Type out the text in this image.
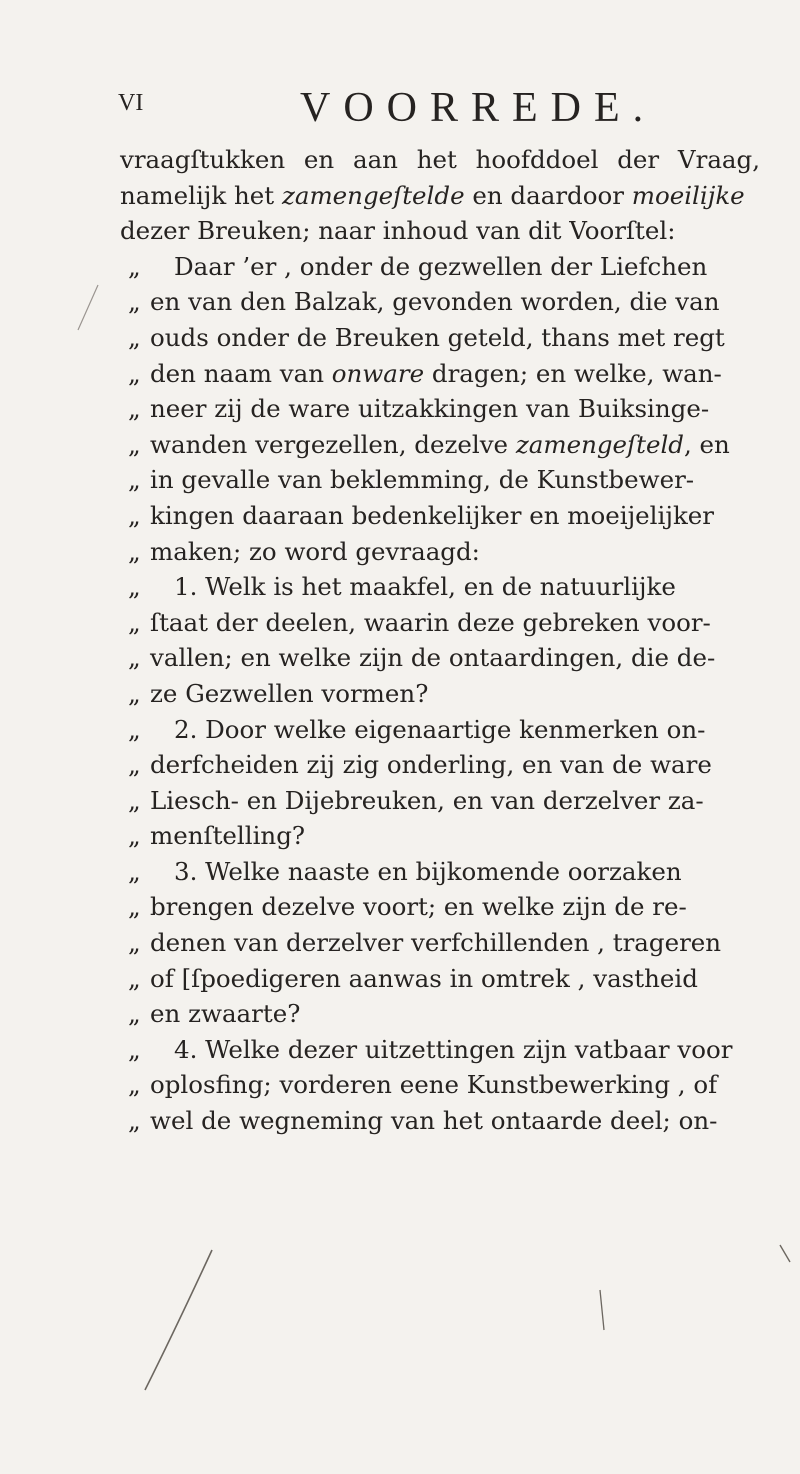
VI	VOORREDE.
vraagſtukken en aan het hoofddoel der Vraag,
namelijk het zamengeſtelde en daardoor moeilijke
dezer Breuken; naar inhoud van dit Voorſtel:
„ Daar ’er , onder de gezwellen der Liefchen
„ en van den Balzak, gevonden worden, die van
„ ouds onder de Breuken geteld, thans met regt
„ den naam van onware dragen; en welke, wan-
„ neer zij de ware uitzakkingen van Buiksinge-
„ wanden vergezellen, dezelve zamengeſteld, en
„ in gevalle van beklemming, de Kunstbewer-
„ kingen daaraan bedenkelijker en moeijelijker
„ maken; zo word gevraagd:
„ 1. Welk is het maakfel, en de natuurlijke
„ ſtaat der deelen, waarin deze gebreken voor-
„ vallen; en welke zijn de ontaardingen, die de-
„ ze Gezwellen vormen?
„ 2. Door welke eigenaartige kenmerken on-
„ derfcheiden zij zig onderling, en van de ware
„ Liesch- en Dijebreuken, en van derzelver za-
„ menſtelling?
„ 3. Welke naaste en bijkomende oorzaken
„ brengen dezelve voort; en welke zijn de re-
„ denen van derzelver verfchillenden , trageren
„ of [ſpoedigeren aanwas in omtrek , vastheid
„ en zwaarte?
„ 4. Welke dezer uitzettingen zijn vatbaar voor
„ oplosfing; vorderen eene Kunstbewerking , of
„ wel de wegneming van het ontaarde deel; on-
